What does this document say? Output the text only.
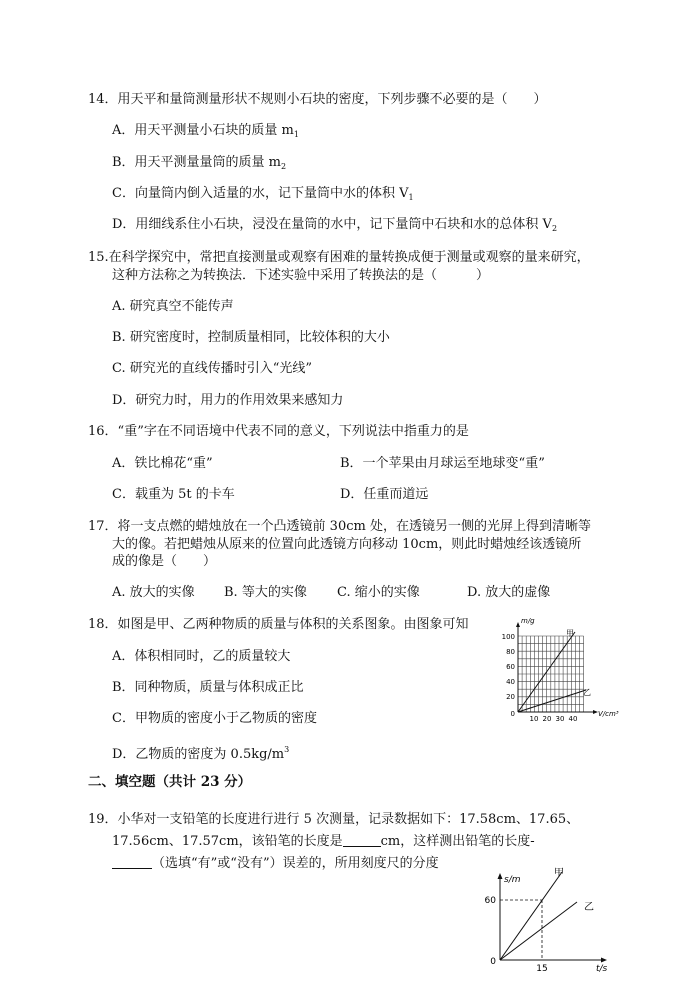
14．用天平和量筒测量形状不规则小石块的密度，下列步骤不必要的是（　　）
A．用天平测量小石块的质量 $m_1$
B．用天平测量量筒的质量 $m_2$
C．向量筒内倒入适量的水，记下量筒中水的体积 $V_1$
D．用细线系住小石块，浸没在量筒的水中，记下量筒中石块和水的总体积 $V_2$
15.在科学探究中，常把直接测量或观察有困难的量转换成便于测量或观察的量来研究，
这种方法称之为转换法．下述实验中采用了转换法的是（　　　）
A. 研究真空不能传声
B. 研究密度时，控制质量相同，比较体积的大小
C. 研究光的直线传播时引入“光线”
D．研究力时，用力的作用效果来感知力
16．“重”字在不同语境中代表不同的意义，下列说法中指重力的是
A．铁比棉花“重”	B．一个苹果由月球运至地球变“重”
C．载重为 5t 的卡车	D．任重而道远
17．将一支点燃的蜡烛放在一个凸透镜前 30cm 处，在透镜另一侧的光屏上得到清晰等
大的像。若把蜡烛从原来的位置向此透镜方向移动 10cm，则此时蜡烛经该透镜所
成的像是（　　）
A. 放大的实像 B. 等大的实像 C. 缩小的实像	D. 放大的虚像
18．如图是甲、乙两种物质的质量与体积的关系图象。由图象可知
A．体积相同时，乙的质量较大
B．同种物质，质量与体积成正比
C．甲物质的密度小于乙物质的密度
D．乙物质的密度为 $0.5kg/m^3$
m/g
V/cm³
100
80
60
40
20
0
10 20 30 40
甲
乙
二、填空题（共计 23 分）
19．小华对一支铅笔的长度进行进行 5 次测量，记录数据如下：17.58cm、17.65、
17.56cm、17.57cm，该铅笔的长度是	cm，这样测出铅笔的长度-
（选填“有”或“没有”）误差的，所用刻度尺的分度
s/m
t/s
60
15
0
甲
乙
